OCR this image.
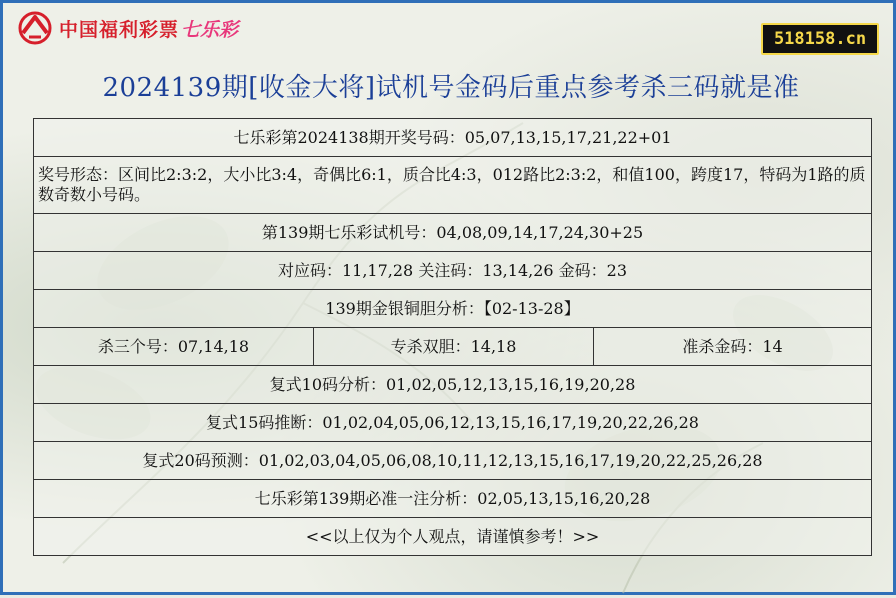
中国福利彩票 七乐彩	518158.cn
2024139期[收金大将]试机号金码后重点参考杀三码就是准
七乐彩第2024138期开奖号码：05,07,13,15,17,21,22+01
奖号形态：区间比2:3:2，大小比3:4，奇偶比6:1，质合比4:3，012路比2:3:2，和值100，跨度17，特码为1路的质数奇数小号码。
第139期七乐彩试机号：04,08,09,14,17,24,30+25
对应码：11,17,28 关注码：13,14,26 金码：23
139期金银铜胆分析：【02-13-28】
杀三个号：07,14,18	专杀双胆：14,18	准杀金码：14
复式10码分析：01,02,05,12,13,15,16,19,20,28
复式15码推断：01,02,04,05,06,12,13,15,16,17,19,20,22,26,28
复式20码预测：01,02,03,04,05,06,08,10,11,12,13,15,16,17,19,20,22,25,26,28
七乐彩第139期必准一注分析：02,05,13,15,16,20,28
<<以上仅为个人观点，请谨慎参考！>>
